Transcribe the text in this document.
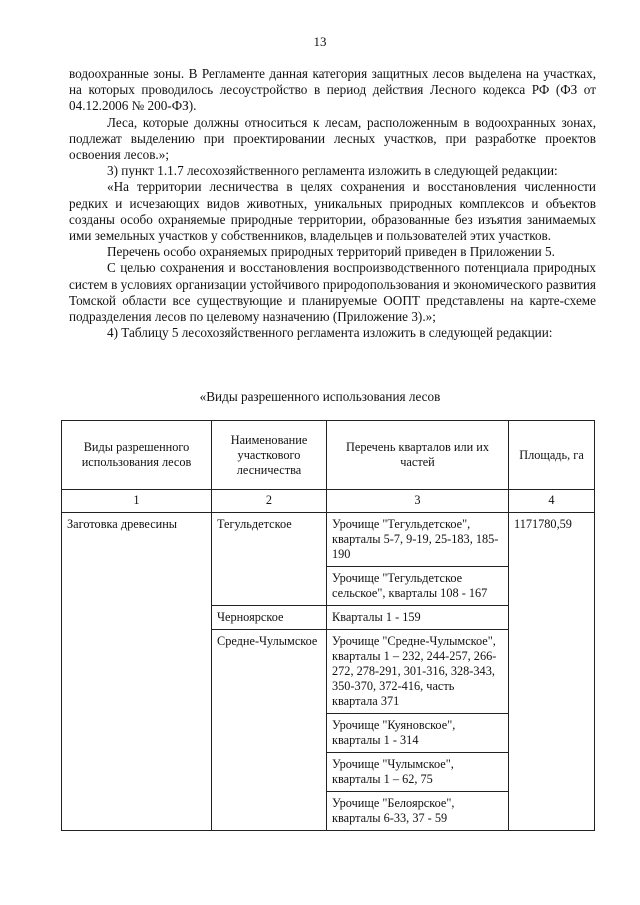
13

водоохранные зоны. В Регламенте данная категория защитных лесов выделена на участках, на которых проводилось лесоустройство в период действия Лесного кодекса РФ (ФЗ от 04.12.2006 № 200-ФЗ).

Леса, которые должны относиться к лесам, расположенным в водоохранных зонах, подлежат выделению при проектировании лесных участков, при разработке проектов освоения лесов.»;

3) пункт 1.1.7 лесохозяйственного регламента изложить в следующей редакции:

«На территории лесничества в целях сохранения и восстановления численности редких и исчезающих видов животных, уникальных природных комплексов и объектов созданы особо охраняемые природные территории, образованные без изъятия занимаемых ими земельных участков у собственников, владельцев и пользователей этих участков.

Перечень особо охраняемых природных территорий приведен в Приложении 5.

С целью сохранения и восстановления воспроизводственного потенциала природных систем в условиях организации устойчивого природопользования и экономического развития Томской области все существующие и планируемые ООПТ представлены на карте-схеме подразделения лесов по целевому назначению (Приложение 3).»;

4) Таблицу 5 лесохозяйственного регламента изложить в следующей редакции:

«Виды разрешенного использования лесов
Виды разрешенного использования лесов	Наименование участкового лесничества	Перечень кварталов или их частей	Площадь, га
1	2	3	4
Заготовка древесины	Тегульдетское	Урочище "Тегульдетское", кварталы 5-7, 9-19, 25-183, 185-190	1171780,59
		Урочище "Тегульдетское сельское", кварталы 108 - 167	
	Черноярское	Кварталы 1 - 159	
	Средне-Чулымское	Урочище "Средне-Чулымское", кварталы 1 – 232, 244-257, 266-272, 278-291, 301-316, 328-343, 350-370, 372-416, часть квартала 371	
		Урочище "Куяновское", кварталы 1 - 314	
		Урочище "Чулымское", кварталы 1 – 62, 75	
		Урочище "Белоярское", кварталы 6-33, 37 - 59	
